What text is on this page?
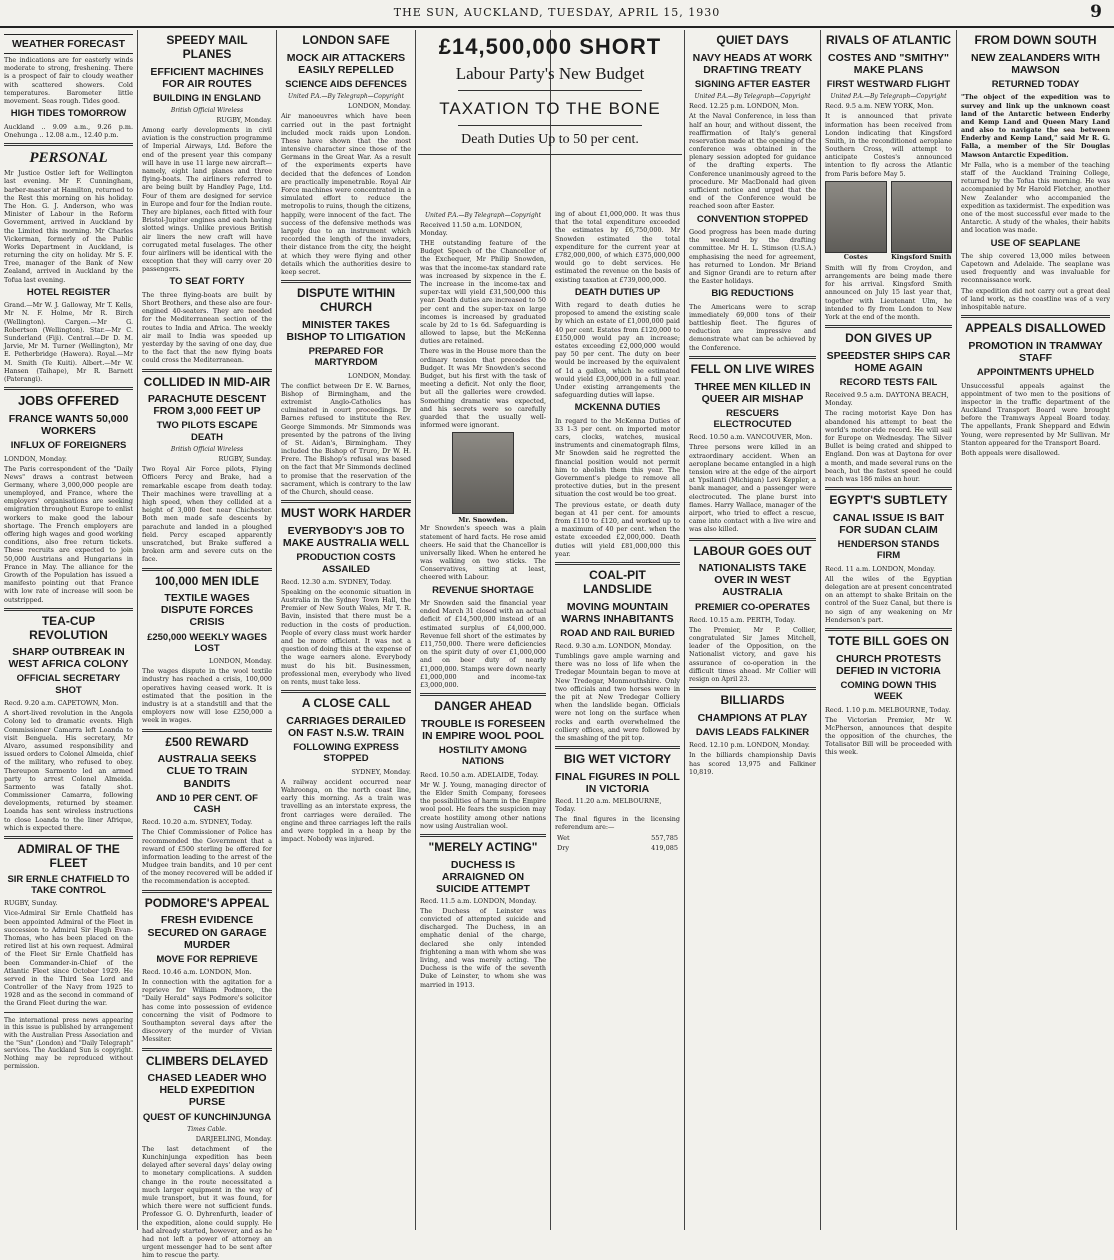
THE SUN, AUCKLAND, TUESDAY, APRIL 15, 1930	9
WEATHER FORECAST
The indications are for easterly winds moderate to strong, freshening. There is a prospect of fair to cloudy weather with scattered showers. Cold temperatures. Barometer little movement. Seas rough. Tides good.
HIGH TIDES TOMORROW
Auckland .. 9.09 a.m., 9.26 p.m. Onehunga .. 12.08 a.m., 12.40 p.m.
PERSONAL
Mr Justice Ostler left for Wellington last evening. Mr F. Cunningham, barber-master at Hamilton, returned to the Rest this morning on his holiday. The Hon. G. J. Anderson, who was Minister of Labour in the Reform Government, arrived in Auckland by the Limited this morning. Mr Charles Vickerman, formerly of the Public Works Department in Auckland, is returning the city on holiday. Mr S. F. Tree, manager of the Bank of New Zealand, arrived in Auckland by the Tofua last evening.
HOTEL REGISTER
Grand.—Mr W. J. Galloway, Mr T. Kells, Mr N. F. Holme, Mr R. Birch (Wellington). Cargen.—Mr G. Robertson (Wellington). Star.—Mr C. Sunderland (Fiji). Central.—Dr D. M. Jarvie, Mr M. Turner (Wellington), Mr E. Petherbridge (Hawera). Royal.—Mr M. Smith (Te Kuiti). Albert.—Mr W. Hansen (Taihape), Mr R. Barnett (Paterangi).
JOBS OFFERED
FRANCE WANTS 50,000 WORKERS
INFLUX OF FOREIGNERS
LONDON, Monday.
The Paris correspondent of the "Daily News" draws a contrast between Germany, where 3,000,000 people are unemployed, and France, where the employers' organisations are seeking emigration throughout Europe to enlist workers to make good the labour shortage. The French employers are offering high wages and good working conditions, also free return tickets. These recruits are expected to join 50,000 Austrians and Hungarians in France in May. The alliance for the Growth of the Population has issued a manifesto pointing out that France with low rate of increase will soon be outstripped.
TEA-CUP REVOLUTION
SHARP OUTBREAK IN WEST AFRICA COLONY
OFFICIAL SECRETARY SHOT
Recd. 9.20 a.m. CAPETOWN, Mon.
A short-lived revolution in the Angola Colony led to dramatic events. High Commissioner Camarra left Loanda to visit Benguela. His secretary, Mr Alvaro, assumed responsibility and issued orders to Colonel Almeida, chief of the military, who refused to obey. Thereupon Sarmento led an armed party to arrest Colonel Almeida. Sarmento was fatally shot. Commissioner Camarra, following developments, returned by steamer. Loanda has sent wireless instructions to close Loanda to the liner Afrique, which is expected there.
ADMIRAL OF THE FLEET
SIR ERNLE CHATFIELD TO TAKE CONTROL
RUGBY, Sunday.
Vice-Admiral Sir Ernle Chatfield has been appointed Admiral of the Fleet in succession to Admiral Sir Hugh Evan-Thomas, who has been placed on the retired list at his own request. Admiral of the Fleet Sir Ernle Chatfield has been Commander-in-Chief of the Atlantic Fleet since October 1929. He served in the Third Sea Lord and Controller of the Navy from 1925 to 1928 and as the second in command of the Grand Fleet during the war.
The international press news appearing in this issue is published by arrangement with the Australian Press Association and the "Sun" (London) and "Daily Telegraph" services. The Auckland Sun is copyright. Nothing may be reproduced without permission.
SPEEDY MAIL PLANES
EFFICIENT MACHINES FOR AIR ROUTES
BUILDING IN ENGLAND
British Official Wireless
RUGBY, Monday.
Among early developments in civil aviation is the construction programme of Imperial Airways, Ltd. Before the end of the present year this company will have in use 11 large new aircraft—namely, eight land planes and three flying-boats. The airliners referred to are being built by Handley Page, Ltd. Four of them are designed for service in Europe and four for the Indian route. They are biplanes, each fitted with four Bristol-Jupiter engines and each having slotted wings. Unlike previous British air liners the new craft will have corrugated metal fuselages. The other four airliners will be identical with the exception that they will carry over 20 passengers.
TO SEAT FORTY
The three flying-boats are built by Short Brothers, and these also are four-engined 40-seaters. They are needed for the Mediterranean section of the routes to India and Africa. The weekly air mail to India was speeded up yesterday by the saving of one day, due to the fact that the new flying boats could cross the Mediterranean.
COLLIDED IN MID-AIR
PARACHUTE DESCENT FROM 3,000 FEET UP
TWO PILOTS ESCAPE DEATH
British Official Wireless
RUGBY, Sunday.
Two Royal Air Force pilots, Flying Officers Percy and Brake, had a remarkable escape from death today. Their machines were travelling at a high speed, when they collided at a height of 3,000 feet near Chichester. Both men made safe descents by parachute and landed in a ploughed field. Percy escaped apparently unscratched, but Brake suffered a broken arm and severe cuts on the face.
100,000 MEN IDLE
TEXTILE WAGES DISPUTE FORCES CRISIS
£250,000 WEEKLY WAGES LOST
LONDON, Monday.
The wages dispute in the wool textile industry has reached a crisis, 100,000 operatives having ceased work. It is estimated that the position in the industry is at a standstill and that the employers now will lose £250,000 a week in wages.
£500 REWARD
AUSTRALIA SEEKS CLUE TO TRAIN BANDITS
AND 10 PER CENT. OF CASH
Recd. 10.20 a.m. SYDNEY, Today.
The Chief Commissioner of Police has recommended the Government that a reward of £500 sterling be offered for information leading to the arrest of the Mudgee train bandits, and 10 per cent of the money recovered will be added if the recommendation is accepted.
PODMORE'S APPEAL
FRESH EVIDENCE SECURED ON GARAGE MURDER
MOVE FOR REPRIEVE
Recd. 10.46 a.m. LONDON, Mon.
In connection with the agitation for a reprieve for William Podmore, the "Daily Herald" says Podmore's solicitor has come into possession of evidence concerning the visit of Podmore to Southampton several days after the discovery of the murder of Vivian Messiter.
CLIMBERS DELAYED
CHASED LEADER WHO HELD EXPEDITION PURSE
QUEST OF KUNCHINJUNGA
Times Cable.
DARJEELING, Monday.
The last detachment of the Kunchinjunga expedition has been delayed after several days' delay owing to monetary complications. A sudden change in the route necessitated a much larger equipment in the way of mule transport, but it was found, for which there were not sufficient funds. Professor G. O. Dyhrenfurth, leader of the expedition, alone could supply. He had already started, however, and as he had not left a power of attorney an urgent messenger had to be sent after him to rescue the party.
LONDON SAFE
MOCK AIR ATTACKERS EASILY REPELLED
SCIENCE AIDS DEFENCES
United P.A.—By Telegraph—Copyright
LONDON, Monday.
Air manoeuvres which have been carried out in the past fortnight included mock raids upon London. These have shown that the most intensive character since those of the Germans in the Great War. As a result of the experiments experts have decided that the defences of London are practically impenetrable. Royal Air Force machines were concentrated in a simulated effort to reduce the metropolis to ruins, though the citizens, happily, were innocent of the fact. The success of the defensive methods was largely due to an instrument which recorded the length of the invaders, their distance from the city, the height at which they were flying and other details which the authorities desire to keep secret.
DISPUTE WITHIN CHURCH
MINISTER TAKES BISHOP TO LITIGATION
PREPARED FOR MARTYRDOM
LONDON, Monday.
The conflict between Dr E. W. Barnes, Bishop of Birmingham, and the extremist Anglo-Catholics has culminated in court proceedings. Dr Barnes refused to institute the Rev. George Simmonds. Mr Simmonds was presented by the patrons of the living of St. Aidan's, Birmingham. They included the Bishop of Truro, Dr W. H. Frere. The Bishop's refusal was based on the fact that Mr Simmonds declined to promise that the reservation of the sacrament, which is contrary to the law of the Church, should cease.
MUST WORK HARDER
EVERYBODY'S JOB TO MAKE AUSTRALIA WELL
PRODUCTION COSTS ASSAILED
Recd. 12.30 a.m. SYDNEY, Today.
Speaking on the economic situation in Australia in the Sydney Town Hall, the Premier of New South Wales, Mr T. R. Bavin, insisted that there must be a reduction in the costs of production. People of every class must work harder and be more efficient. It was not a question of doing this at the expense of the wage earners alone. Everybody must do his bit. Businessmen, professional men, everybody who lived on rents, must take less.
A CLOSE CALL
CARRIAGES DERAILED ON FAST N.S.W. TRAIN
FOLLOWING EXPRESS STOPPED
SYDNEY, Monday.
A railway accident occurred near Wahroonga, on the north coast line, early this morning. As a train was travelling as an interstate express, the front carriages were derailed. The engine and three carriages left the rails and were toppled in a heap by the impact. Nobody was injured.
£14,500,000 SHORT
Labour Party's New Budget
TAXATION TO THE BONE
Death Duties Up to 50 per cent.
United P.A.—By Telegraph—Copyright
Received 11.50 a.m. LONDON, Monday.
THE outstanding feature of the Budget Speech of the Chancellor of the Exchequer, Mr Philip Snowden, was that the income-tax standard rate was increased by sixpence in the £. The increase in the income-tax and super-tax will yield £31,500,000 this year. Death duties are increased to 50 per cent and the super-tax on large incomes is increased by graduated scale by 2d to 1s 6d. Safeguarding is allowed to lapse, but the McKenna duties are retained.
There was in the House more than the ordinary tension that precedes the Budget. It was Mr Snowden's second Budget, but his first with the task of meeting a deficit. Not only the floor, but all the galleries were crowded. Something dramatic was expected, and his secrets were so carefully guarded that the usually well-informed were ignorant.
Mr. Snowden.
Mr Snowden's speech was a plain statement of hard facts. He rose amid cheers. He said that the Chancellor is universally liked. When he entered he was walking on two sticks. The Conservatives, sitting at least, cheered with Labour.
REVENUE SHORTAGE
Mr Snowden said the financial year ended March 31 closed with an actual deficit of £14,500,000 instead of an estimated surplus of £4,000,000. Revenue fell short of the estimates by £11,750,000. There were deficiencies on the spirit duty of over £1,000,000 and on beer duty of nearly £1,000,000. Stamps were down nearly £1,000,000 and income-tax £3,000,000.
DANGER AHEAD
TROUBLE IS FORESEEN IN EMPIRE WOOL POOL
HOSTILITY AMONG NATIONS
Recd. 10.50 a.m. ADELAIDE, Today.
Mr W. J. Young, managing director of the Elder Smith Company, foresees the possibilities of harm in the Empire wool pool. He fears the suspicion may create hostility among other nations now using Australian wool.
"MERELY ACTING"
DUCHESS IS ARRAIGNED ON SUICIDE ATTEMPT
Recd. 11.5 a.m. LONDON, Monday.
The Duchess of Leinster was convicted of attempted suicide and discharged. The Duchess, in an emphatic denial of the charge, declared she only intended frightening a man with whom she was living, and was merely acting. The Duchess is the wife of the seventh Duke of Leinster, to whom she was married in 1913.
ing of about £1,000,000. It was thus that the total expenditure exceeded the estimates by £6,750,000. Mr Snowden estimated the total expenditure for the current year at £782,000,000, of which £375,000,000 would go to debt services. He estimated the revenue on the basis of existing taxation at £739,000,000.
DEATH DUTIES UP
With regard to death duties he proposed to amend the existing scale by which an estate of £1,000,000 paid 40 per cent. Estates from £120,000 to £150,000 would pay an increase; estates exceeding £2,000,000 would pay 50 per cent. The duty on beer would be increased by the equivalent of 1d a gallon, which he estimated would yield £3,000,000 in a full year. Under existing arrangements the safeguarding duties will lapse.
MCKENNA DUTIES
In regard to the McKenna Duties of 33 1-3 per cent. on imported motor cars, clocks, watches, musical instruments and cinematograph films, Mr Snowden said he regretted the financial position would not permit him to abolish them this year. The Government's pledge to remove all protective duties, but in the present situation the cost would be too great.
The previous estate, or death duty began at 41 per cent. for amounts from £110 to £120, and worked up to a maximum of 40 per cent. when the estate exceeded £2,000,000. Death duties will yield £81,000,000 this year.
COAL-PIT LANDSLIDE
MOVING MOUNTAIN WARNS INHABITANTS
ROAD AND RAIL BURIED
Recd. 9.30 a.m. LONDON, Monday.
Tumblings gave ample warning and there was no loss of life when the Tredegar Mountain began to move at New Tredegar, Monmouthshire. Only two officials and two horses were in the pit at New Tredegar Colliery when the landslide began. Officials were not long on the surface when rocks and earth overwhelmed the colliery offices, and were followed by the smashing of the pit top.
BIG WET VICTORY
FINAL FIGURES IN POLL IN VICTORIA
Recd. 11.20 a.m. MELBOURNE, Today.
The final figures in the licensing referendum are:—
Wet	557,785
Dry	419,085
QUIET DAYS
NAVY HEADS AT WORK DRAFTING TREATY
SIGNING AFTER EASTER
United P.A.—By Telegraph—Copyright
Recd. 12.25 p.m. LONDON, Mon.
At the Naval Conference, in less than half an hour, and without dissent, the reaffirmation of Italy's general reservation made at the opening of the conference was obtained in the plenary session adopted for guidance of the drafting experts. The Conference unanimously agreed to the procedure. Mr MacDonald had given sufficient notice and urged that the end of the Conference would be reached soon after Easter.
CONVENTION STOPPED
Good progress has been made during the weekend by the drafting committee. Mr H. L. Stimson (U.S.A.) emphasising the need for agreement, has returned to London. Mr Briand and Signor Grandi are to return after the Easter holidays.
BIG REDUCTIONS
The Americans were to scrap immediately 69,000 tons of their battleship fleet. The figures of reduction are impressive and demonstrate what can be achieved by the Conference.
FELL ON LIVE WIRES
THREE MEN KILLED IN QUEER AIR MISHAP
RESCUERS ELECTROCUTED
Recd. 10.50 a.m. VANCOUVER, Mon.
Three persons were killed in an extraordinary accident. When an aeroplane became entangled in a high tension wire at the edge of the airport at Ypsilanti (Michigan) Levi Keppler, a bank manager, and a passenger were electrocuted. The plane burst into flames. Harry Wallace, manager of the airport, who tried to effect a rescue, came into contact with a live wire and was also killed.
LABOUR GOES OUT
NATIONALISTS TAKE OVER IN WEST AUSTRALIA
PREMIER CO-OPERATES
Recd. 10.15 a.m. PERTH, Today.
The Premier, Mr P. Collier, congratulated Sir James Mitchell, leader of the Opposition, on the Nationalist victory, and gave his assurance of co-operation in the difficult times ahead. Mr Collier will resign on April 23.
BILLIARDS
CHAMPIONS AT PLAY
DAVIS LEADS FALKINER
Recd. 12.10 p.m. LONDON, Monday.
In the billiards championship Davis has scored 13,975 and Falkiner 10,819.
RIVALS OF ATLANTIC
COSTES AND "SMITHY" MAKE PLANS
FIRST WESTWARD FLIGHT
United P.A.—By Telegraph—Copyright
Recd. 9.5 a.m. NEW YORK, Mon.
It is announced that private information has been received from London indicating that Kingsford Smith, in the reconditioned aeroplane Southern Cross, will attempt to anticipate Costes's announced intention to fly across the Atlantic from Paris before May 5.
Costes	Kingsford Smith
Smith will fly from Croydon, and arrangements are being made there for his arrival. Kingsford Smith announced on July 15 last year that, together with Lieutenant Ulm, he intended to fly from London to New York at the end of the month.
DON GIVES UP
SPEEDSTER SHIPS CAR HOME AGAIN
RECORD TESTS FAIL
Received 9.5 a.m. DAYTONA BEACH, Monday.
The racing motorist Kaye Don has abandoned his attempt to beat the world's motor-ride record. He will sail for Europe on Wednesday. The Silver Bullet is being crated and shipped to England. Don was at Daytona for over a month, and made several runs on the beach, but the fastest speed he could reach was 186 miles an hour.
EGYPT'S SUBTLETY
CANAL ISSUE IS BAIT FOR SUDAN CLAIM
HENDERSON STANDS FIRM
Recd. 11 a.m. LONDON, Monday.
All the wiles of the Egyptian delegation are at present concentrated on an attempt to shake Britain on the control of the Suez Canal, but there is no sign of any weakening on Mr Henderson's part.
TOTE BILL GOES ON
CHURCH PROTESTS DEFIED IN VICTORIA
COMING DOWN THIS WEEK
Recd. 1.10 p.m. MELBOURNE, Today.
The Victorian Premier, Mr W. McPherson, announces that despite the opposition of the churches, the Totalisator Bill will be proceeded with this week.
FROM DOWN SOUTH
NEW ZEALANDERS WITH MAWSON
RETURNED TODAY
"The object of the expedition was to survey and link up the unknown coast land of the Antarctic between Enderby and Kemp Land and Queen Mary Land and also to navigate the sea between Enderby and Kemp Land," said Mr R. G. Falla, a member of the Sir Douglas Mawson Antarctic Expedition.
Mr Falla, who is a member of the teaching staff of the Auckland Training College, returned by the Tofua this morning. He was accompanied by Mr Harold Fletcher, another New Zealander who accompanied the expedition as taxidermist. The expedition was one of the most successful ever made to the Antarctic. A study of the whales, their habits and location was made.
USE OF SEAPLANE
The ship covered 13,000 miles between Capetown and Adelaide. The seaplane was used frequently and was invaluable for reconnaissance work.
The expedition did not carry out a great deal of land work, as the coastline was of a very inhospitable nature.
APPEALS DISALLOWED
PROMOTION IN TRAMWAY STAFF
APPOINTMENTS UPHELD
Unsuccessful appeals against the appointment of two men to the positions of inspector in the traffic department of the Auckland Transport Board were brought before the Tramways Appeal Board today. The appellants, Frank Sheppard and Edwin Young, were represented by Mr Sullivan. Mr Stanton appeared for the Transport Board.
Both appeals were disallowed.
